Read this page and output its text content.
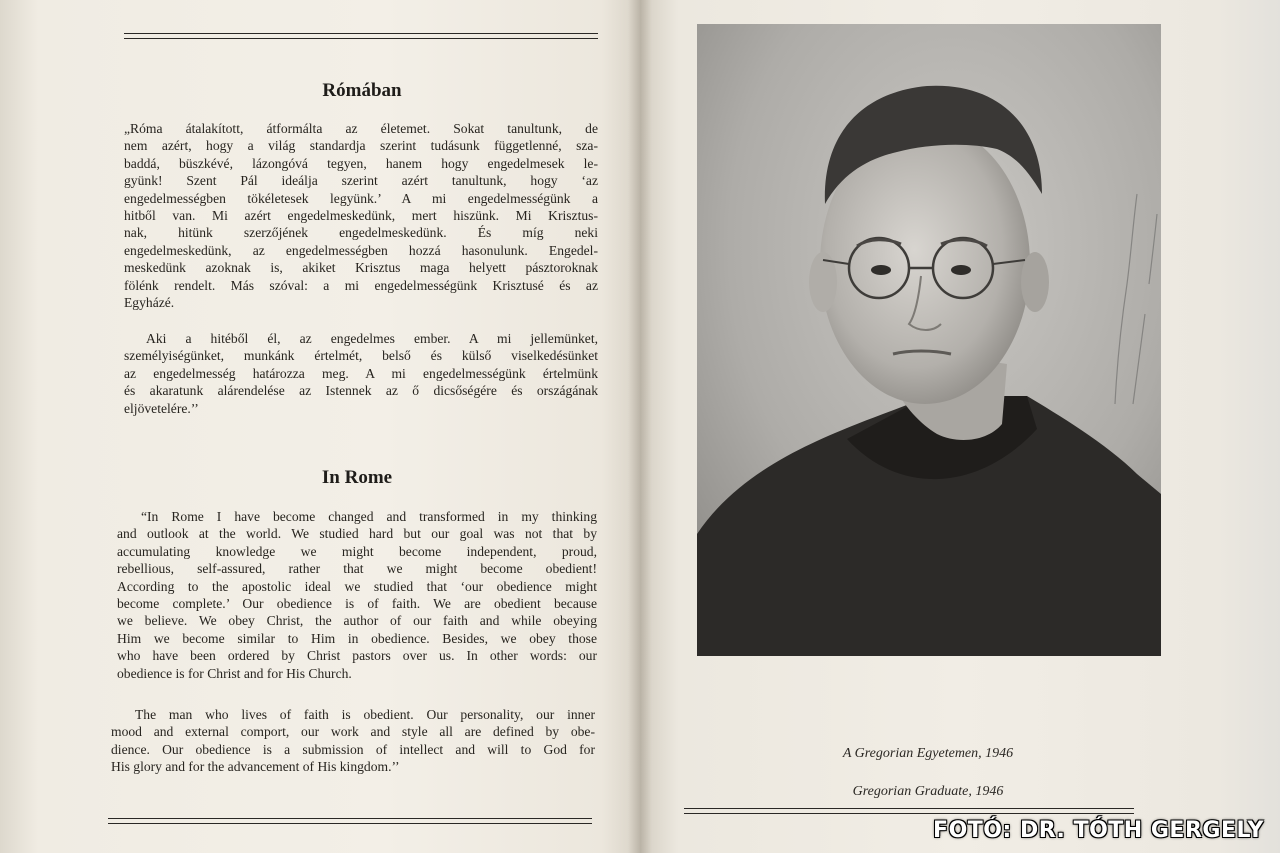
Rómában
„Róma átalakított, átformálta az életemet. Sokat tanultunk, de
nem azért, hogy a világ standardja szerint tudásunk függetlenné, sza-
baddá, büszkévé, lázongóvá tegyen, hanem hogy engedelmesek le-
gyünk! Szent Pál ideálja szerint azért tanultunk, hogy ‘az
engedelmességben tökéletesek legyünk.’ A mi engedelmességünk a
hitből van. Mi azért engedelmeskedünk, mert hiszünk. Mi Krisztus-
nak, hitünk szerzőjének engedelmeskedünk. És míg neki
engedelmeskedünk, az engedelmességben hozzá hasonulunk. Engedel-
meskedünk azoknak is, akiket Krisztus maga helyett pásztoroknak
fölénk rendelt. Más szóval: a mi engedelmességünk Krisztusé és az
Egyházé.
Aki a hitéből él, az engedelmes ember. A mi jellemünket,
személyiségünket, munkánk értelmét, belső és külső viselkedésünket
az engedelmesség határozza meg. A mi engedelmességünk értelmünk
és akaratunk alárendelése az Istennek az ő dicsőségére és országának
eljövetelére.’’
In Rome
“In Rome I have become changed and transformed in my thinking
and outlook at the world. We studied hard but our goal was not that by
accumulating knowledge we might become independent, proud,
rebellious, self-assured, rather that we might become obedient!
According to the apostolic ideal we studied that ‘our obedience might
become complete.’ Our obedience is of faith. We are obedient because
we believe. We obey Christ, the author of our faith and while obeying
Him we become similar to Him in obedience. Besides, we obey those
who have been ordered by Christ pastors over us. In other words: our
obedience is for Christ and for His Church.
The man who lives of faith is obedient. Our personality, our inner
mood and external comport, our work and style all are defined by obe-
dience. Our obedience is a submission of intellect and will to God for
His glory and for the advancement of His kingdom.’’
A Gregorian Egyetemen, 1946
Gregorian Graduate, 1946
FOTÓ: DR. TÓTH GERGELY
